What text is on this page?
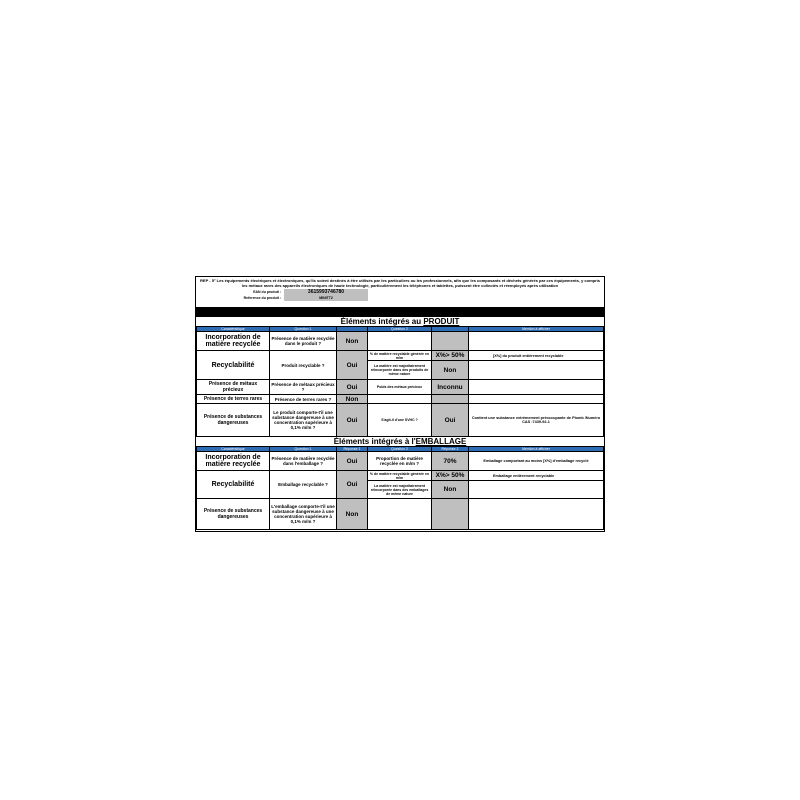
REP - 5° Les équipements électriques et électroniques, qu'ils soient destinés à être utilisés par les particuliers ou les professionnels, afin que les composants et déchets générés par ces équipements, y compris les métaux rares des appareils électroniques de haute technologie, particulièrement les téléphones et tablettes, puissent être collectés et réemployés après utilisation
EAN du produit :	3615993746780
Reference du produit :	MINITT2
Éléments intégrés au PRODUIT
Caractéristique	Question 1		Question 2		Mention à afficher
Incorporation de matière recyclée	Présence de matière recyclée dans le produit ?	Non			
Recyclabilité	Produit recyclable ?	Oui	% de matière recyclable générée en m/m	X%> 50%	[X%] du produit entièrement recyclable
			La matière est majoritairement réincorporée dans des produits de même nature	Non	
Présence de métaux précieux	Présence de métaux précieux ?	Oui	Poids des métaux précieux	Inconnu	
Présence de terres rares	Présence de terres rares ?	Non			
Présence de substances dangereuses	Le produit comporte-t'il une substance dangereuse à une concentration supérieure à 0,1% m/m ?	Oui	S'agit-il d'une SVHC ?	Oui	Contient une substance extrêmement préoccupante de Plomb /Numéro CAS :7439-92-1
Éléments intégrés à l'EMBALLAGE
Caractéristique	Question 1	Réponse 1	Question 2	Réponse 2	Mention à afficher
Incorporation de matière recyclée	Présence de matière recyclée dans l'emballage ?	Oui	Proportion de matière recyclée en m/m ?	70%	Emballage comportant au moins [X%] d'emballage recyclé
Recyclabilité	Emballage recyclable ?	Oui	% de matière recyclable générée en m/m	X%> 50%	Emballage entièrement recyclable
			La matière est majoritairement réincorporée dans des emballages de même nature	Non	
Présence de substances dangereuses	L'emballage comporte-t'il une substance dangereuse à une concentration supérieure à 0,1% m/m ?	Non			
